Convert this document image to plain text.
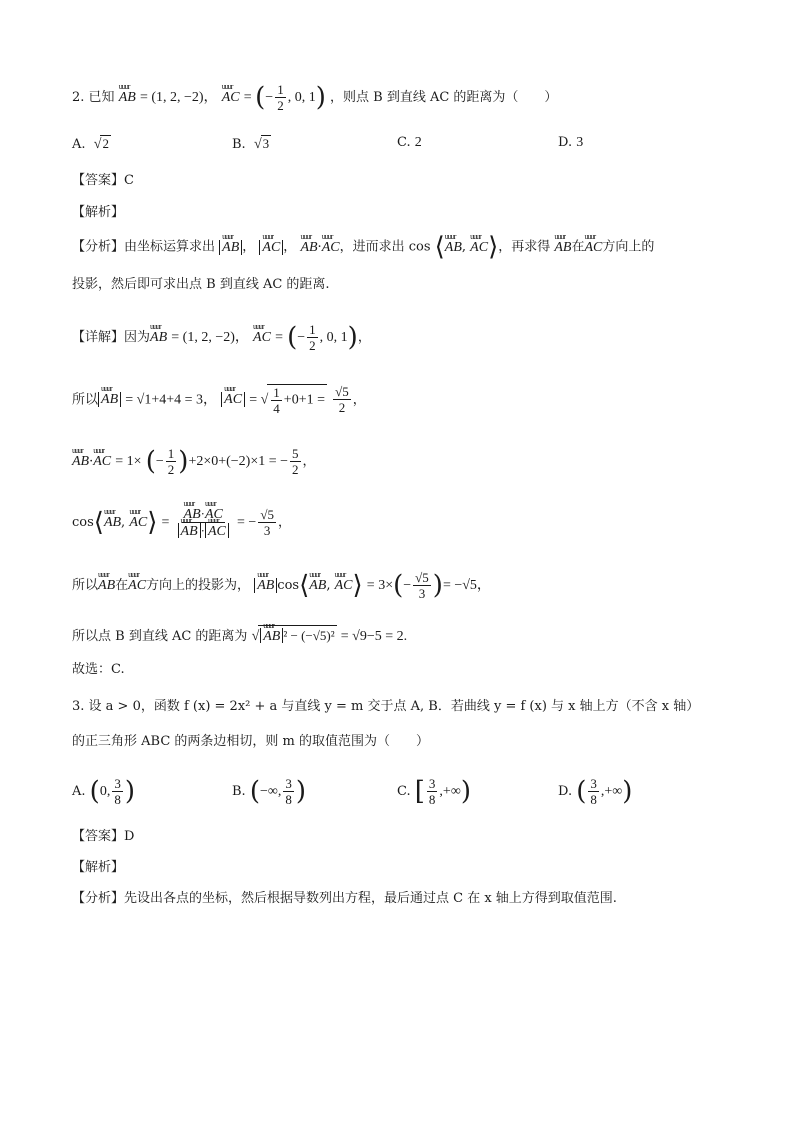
2. 已知 uuur AB = (1, 2, −2)， uuur AC = (− $\frac{1}{2}$ , 0, 1) ，则点 B 到直线 AC 的距离为（　　）
A. √2	B. √3	C. 2	D. 3
【答案】C
【解析】
【分析】由坐标运算求出 uuur AB ， uuur AC ， uuur AB·uuur AC，进而求出 cos ⟨uuur AB, uuur AC⟩，再求得 uuur AB在uuur AC方向上的
投影，然后即可求出点 B 到直线 AC 的距离.
【详解】因为uuur AB = (1, 2, −2)， uuur AC = (− $\frac{1}{2}$ , 0, 1)，
所以 uuur AB = √1+4+4 = 3， uuur AC = √ $\frac{1}{4} +0+1 = \frac{√5}{2}$ ，
uuur AB·uuur AC = 1× (− $\frac{1}{2} )+2\times 0+(-2)\times 1$ = − $\frac{5}{2}$ ，
cos⟨uuur AB, uuur AC⟩ = uuur AB·uuur AC
uuur AB · uuur AC = − $\frac{√5}{3}$ ，
所以uuur AB在uuur AC方向上的投影为， uuur AB cos⟨uuur AB, uuur AC⟩ = $3\times(- \frac{√5}{3}$ )= −√5，
所以点 B 到直线 AC 的距离为 √ uuur AB ² − (−√5)² = √9−5 = 2.
故选：C.
3. 设 a > 0，函数 f (x) = 2x² + a 与直线 y = m 交于点 A, B．若曲线 y = f (x) 与 x 轴上方（不含 x 轴）
的正三角形 ABC 的两条边相切，则 m 的取值范围为（　　）
A. (0, $\frac{3}{8}$ )	B. (−∞, $\frac{3}{8}$ )	C. [ $\frac{3}{8}$ ,+∞)	D. ( $\frac{3}{8}$ ,+∞)
【答案】D
【解析】
【分析】先设出各点的坐标，然后根据导数列出方程，最后通过点 C 在 x 轴上方得到取值范围.
